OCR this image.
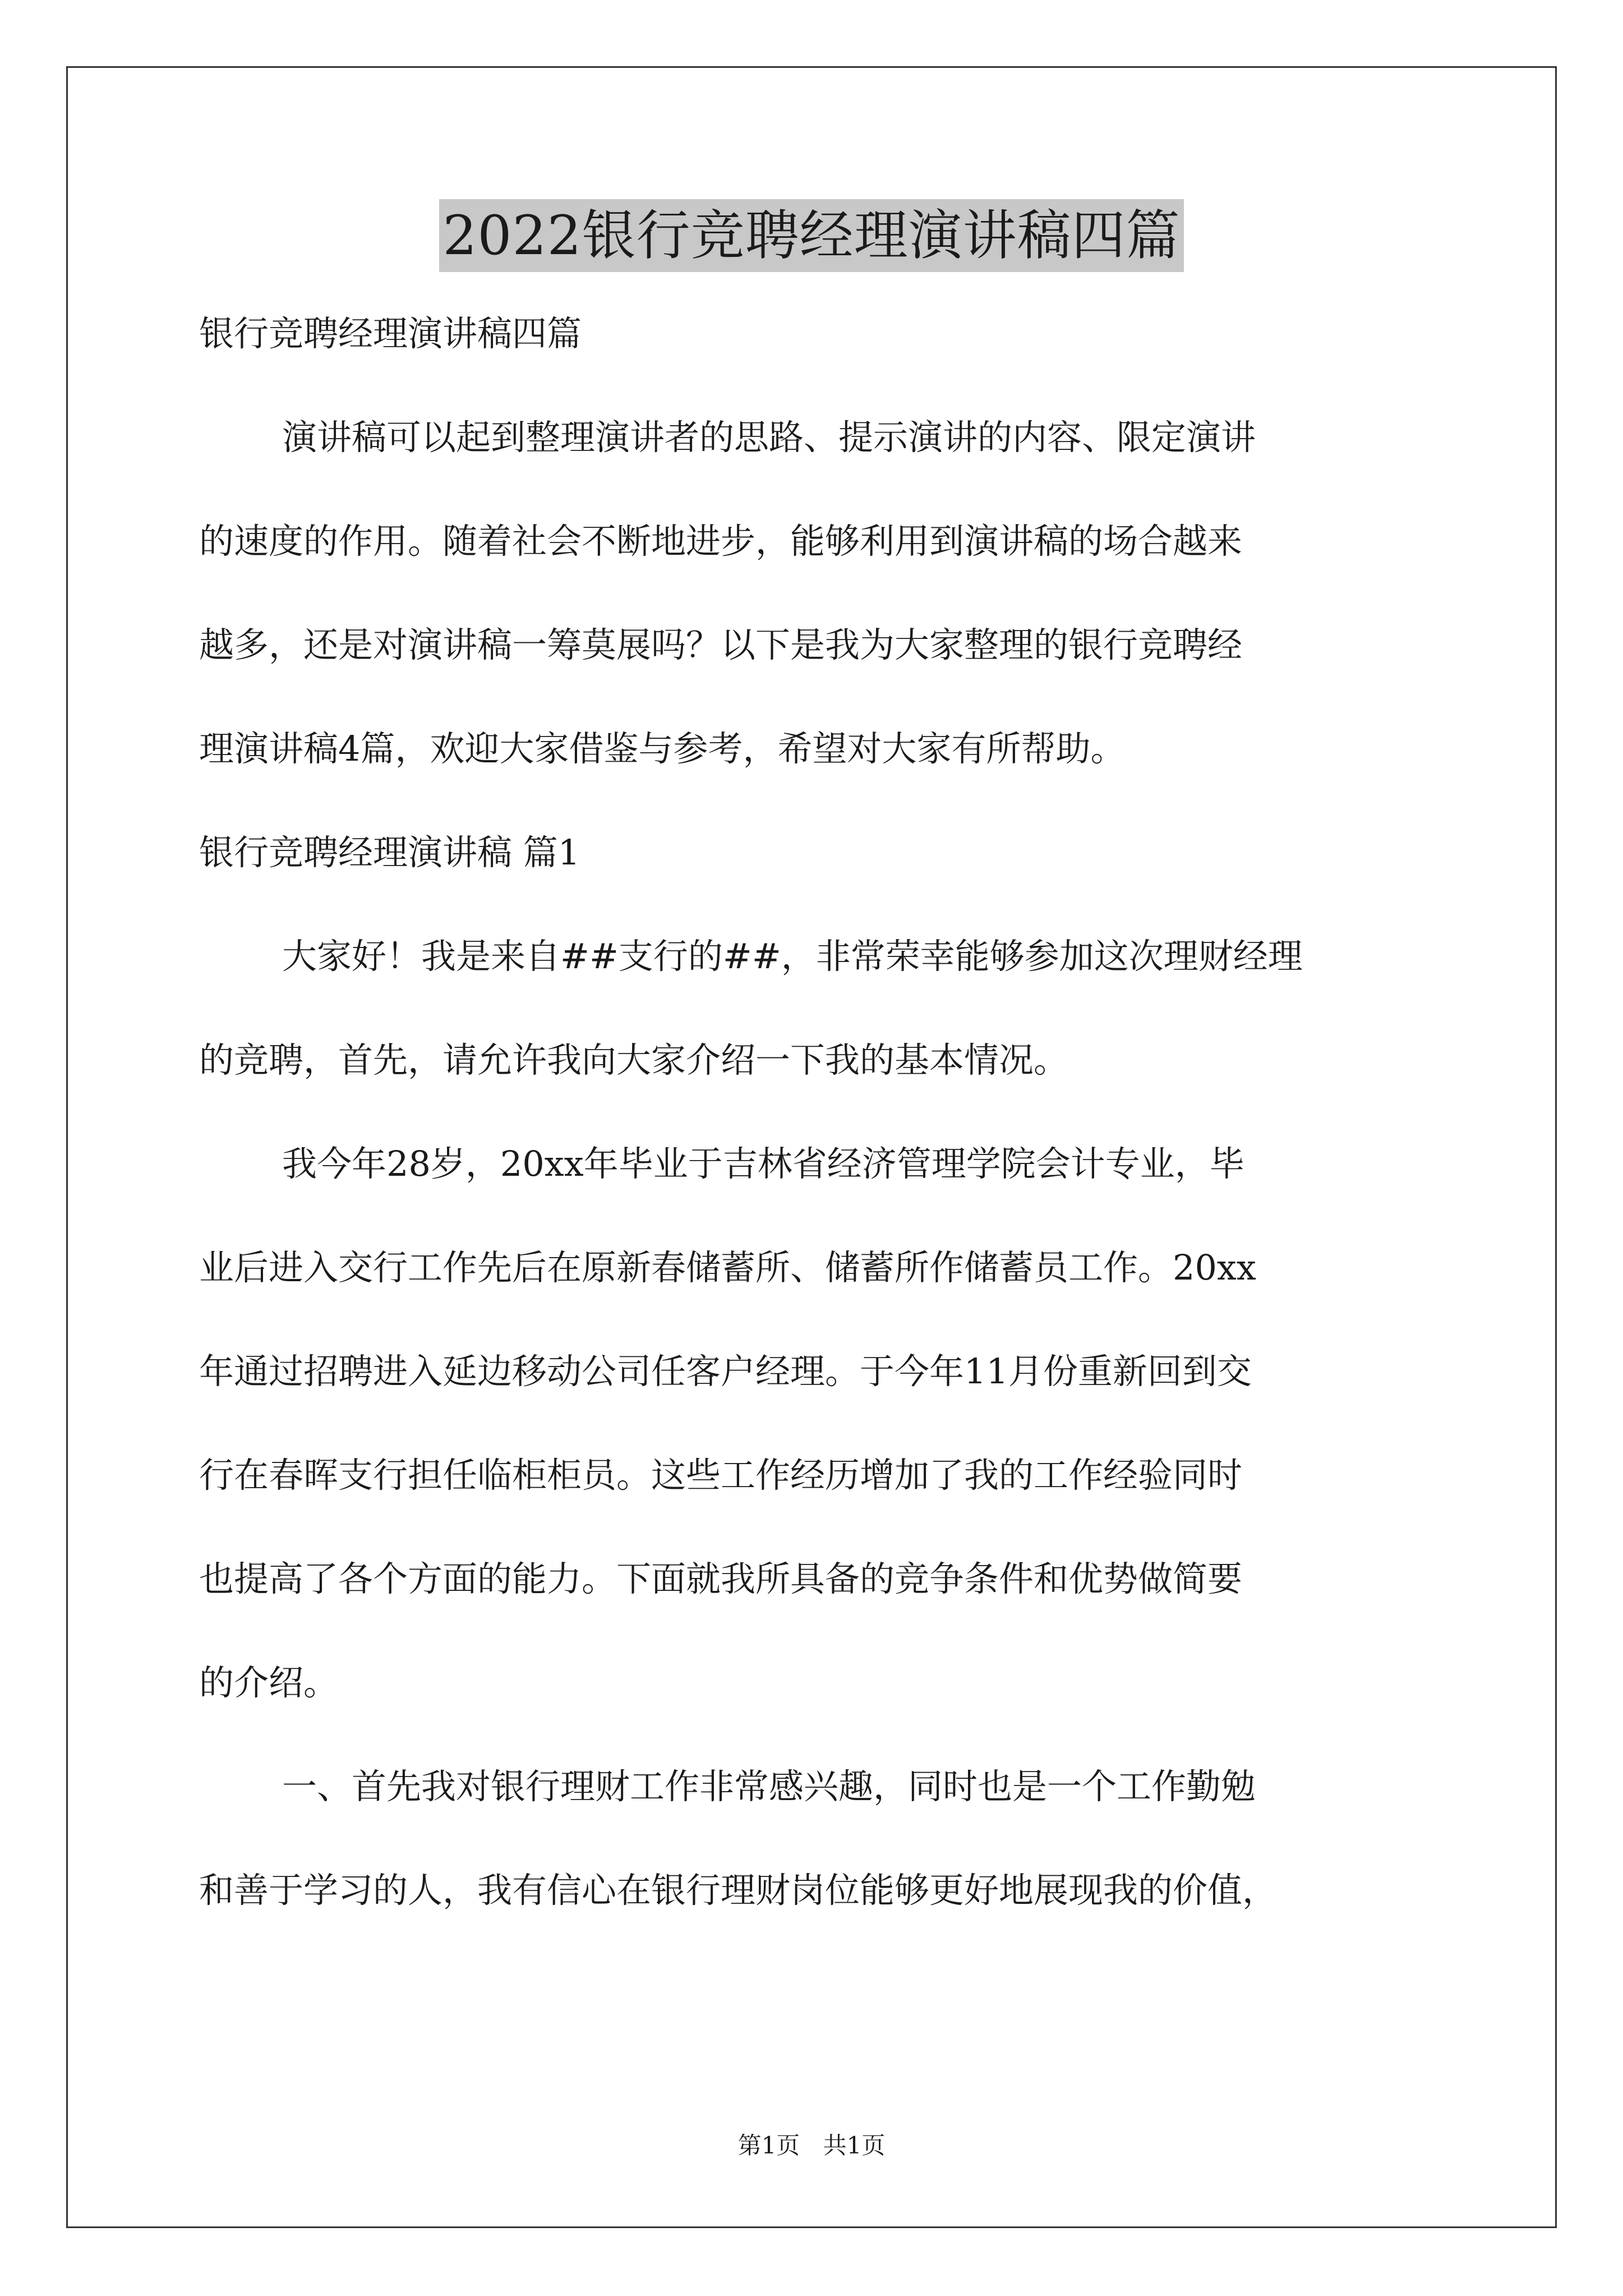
2022银行竞聘经理演讲稿四篇
银行竞聘经理演讲稿四篇
演讲稿可以起到整理演讲者的思路、提示演讲的内容、限定演讲
的速度的作用。随着社会不断地进步，能够利用到演讲稿的场合越来
越多，还是对演讲稿一筹莫展吗？以下是我为大家整理的银行竞聘经
理演讲稿4篇，欢迎大家借鉴与参考，希望对大家有所帮助。
银行竞聘经理演讲稿 篇1
大家好！我是来自##支行的##，非常荣幸能够参加这次理财经理
的竞聘，首先，请允许我向大家介绍一下我的基本情况。
我今年28岁，20xx年毕业于吉林省经济管理学院会计专业，毕
业后进入交行工作先后在原新春储蓄所、储蓄所作储蓄员工作。20xx
年通过招聘进入延边移动公司任客户经理。于今年11月份重新回到交
行在春晖支行担任临柜柜员。这些工作经历增加了我的工作经验同时
也提高了各个方面的能力。下面就我所具备的竞争条件和优势做简要
的介绍。
一、首先我对银行理财工作非常感兴趣，同时也是一个工作勤勉
和善于学习的人，我有信心在银行理财岗位能够更好地展现我的价值，
第1页 共1页
